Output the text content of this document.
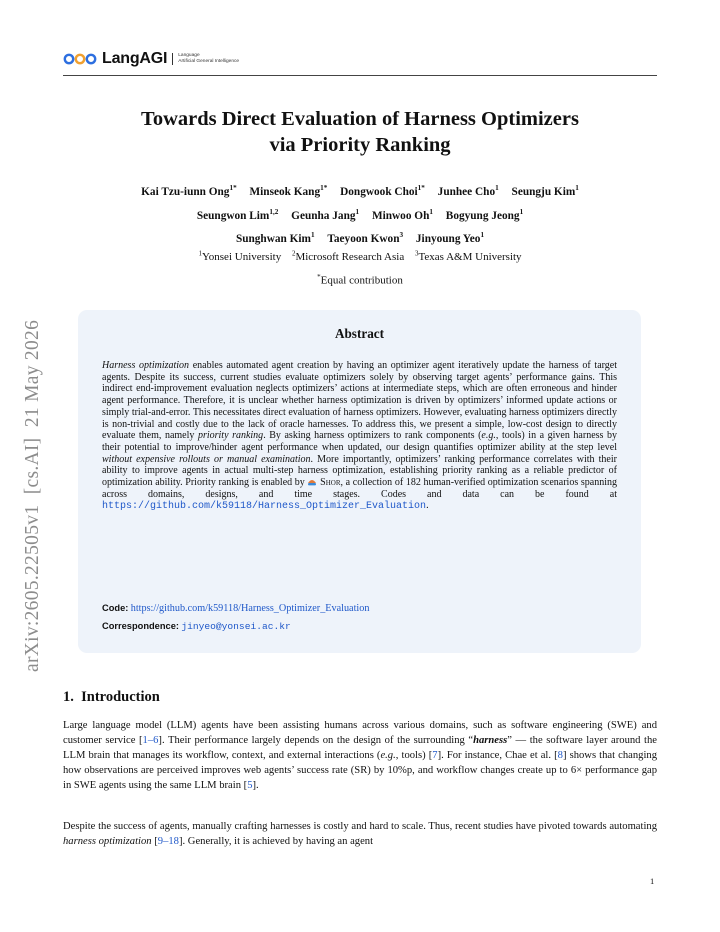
LangAGI Language
Artificial General Intelligence
arXiv:2605.22505v1  [cs.AI]  21 May 2026
Towards Direct Evaluation of Harness Optimizers
via Priority Ranking
Kai Tzu-iunn Ong$^{1*}$ Minseok Kang$^{1*}$ Dongwook Choi$^{1*}$ Junhee Cho$^1$ Seungju Kim$^1$
Seungwon Lim$^{1,2}$ Geunha Jang$^1$ Minwoo Oh$^1$ Bogyung Jeong$^1$
Sunghwan Kim$^1$ Taeyoon Kwon$^3$ Jinyoung Yeo$^1$
$^1$Yonsei University $^2$Microsoft Research Asia $^3$Texas A&M University
*Equal contribution
Abstract
Harness optimization enables automated agent creation by having an optimizer agent iteratively update the harness of target agents. Despite its success, current studies evaluate optimizers solely by observing target agents’ performance gains. This indirect end-improvement evaluation neglects optimizers’ actions at intermediate steps, which are often erroneous and hinder agent performance. Therefore, it is unclear whether harness optimization is driven by optimizers’ informed update actions or simply trial-and-error. This necessitates direct evaluation of harness optimizers. However, evaluating harness optimizers directly is non-trivial and costly due to the lack of oracle harnesses. To address this, we present a simple, low-cost design to directly evaluate them, namely priority ranking. By asking harness optimizers to rank components (e.g., tools) in a given harness by their potential to improve/hinder agent performance when updated, our design quantifies optimizer ability at the step level without expensive rollouts or manual examination. More importantly, optimizers’ ranking performance correlates with their ability to improve agents in actual multi-step harness optimization, establishing priority ranking as a reliable predictor of optimization ability. Priority ranking is enabled by  Shor, a collection of 182 human-verified optimization scenarios spanning across domains, designs, and time stages. Codes and data can be found at https://github.com/k59118/Harness_Optimizer_Evaluation.
Code: https://github.com/k59118/Harness_Optimizer_Evaluation
Correspondence: jinyeo@yonsei.ac.kr
1.  Introduction
Large language model (LLM) agents have been assisting humans across various domains, such as software engineering (SWE) and customer service [1–6]. Their performance largely depends on the design of the surrounding “harness” — the software layer around the LLM brain that manages its workflow, context, and external interactions (e.g., tools) [7]. For instance, Chae et al. [8] shows that changing how observations are perceived improves web agents’ success rate (SR) by 10%p, and workflow changes create up to 6× performance gap in SWE agents using the same LLM brain [5].
Despite the success of agents, manually crafting harnesses is costly and hard to scale. Thus, recent studies have pivoted towards automating harness optimization [9–18]. Generally, it is achieved by having an agent
1
